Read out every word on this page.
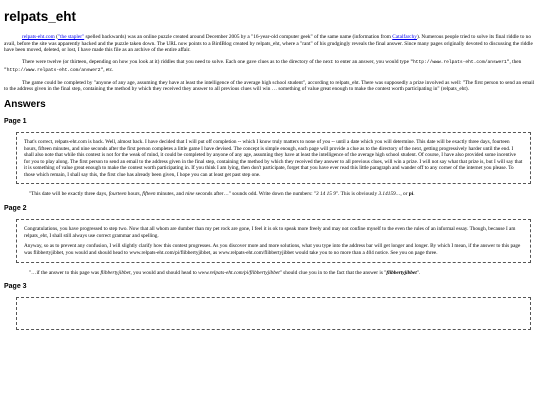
relpats_eht

relpats-eht.com ("the stapler" spelled backwards) was an online puzzle created around December 2005 by a "16-year-old computer geek" of the same name (information from Catalfarchy). Numerous people tried to solve its final riddle to no avail, before the site was apparently hacked and the puzzle taken down. The URL now points to a BirdBlog created by relpats_eht, where a "rant" of his grudgingly reveals the final answer. Since many pages originally devoted to discussing the riddle have been moved, deleted, or lost, I have made this file as an archive of the entire affair.

There were twelve (or thirteen, depending on how you look at it) riddles that you need to solve. Each one gave clues as to the directory of the next: to enter an answer, you would type "http://www.relpats-eht.com/answer1", then "http://www.relpats-eht.com/answer2", etc.

The game could be completed by "anyone of any age, assuming they have at least the intelligence of the average high school student", according to relpats_eht. There was supposedly a prize involved as well: "The first person to send an email to the address given in the final step, containing the method by which they received they answer to all previous clues will win … something of value great enough to make the contest worth participating in" (relpats_eht).

Answers
Page 1

That's correct, relpats-eht.com is back. Well, almost back. I have decided that I will put off completion -- which I know truly matters to none of you -- until a date which you will determine. This date will be exactly three days, fourteen hours, fifteen minutes, and nine seconds after the first person completes a little game I have devised. The concept is simple enough, each page will provide a clue as to the directory of the next, getting progressively harder until the end. I shall also note that while this contest is not for the weak of mind, it could be completed by anyone of any age, assuming they have at least the intelligence of the average high school student. Of course, I have also provided some incentive for you to play along. The first person to send an email to the address given in the final step, containing the method by which they received they answer to all previous clues, will win a prize. I will not say what that prize is, but I will say that it is something of value great enough to make the contest worth participating in. If you think I am lying, then don't participate, forget that you have ever read this little paragraph and wander off to any corner of the internet you please. To those which remain, I shall say this, the first clue has already been given, I hope you can at least get past step one.

"This date will be exactly three days, fourteen hours, fifteen minutes, and nine seconds after…" sounds odd. Write down the numbers: "3 14 15 9". This is obviously 3.14159…, or pi.

Page 2

Congratulations, you have progressed to step two. Now that all whom are dumber than my pet rock are gone, I feel it is ok to speak more freely and may not confine myself to the even the rules of an informal essay. Though, because I am relpats_eht, I shall still always use correct grammar and spelling.

Anyway, so as to prevent any confusion, I will slightly clarify how this contest progresses. As you discover more and more solutions, what you type into the address bar will get longer and longer. By which I mean, if the answer to this page was flibbertyjibbet, you would and should head to www.relpats-eht.com/pi/flibbertyjibbet, as www.relpats-eht.com/flibbertyjibbet would take you to no more than a 404 notice. See you on page three.

"…if the answer to this page was flibbertyjibbet, you would and should head to www.relpats-eht.com/pi/flibbertyjibbet" should clue you in to the fact that the answer is "flibbertyjibbet".

Page 3
